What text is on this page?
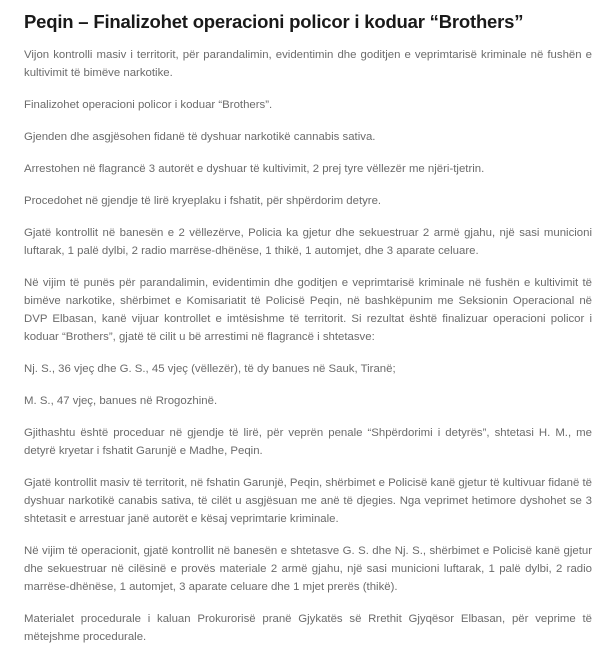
Peqin – Finalizohet operacioni policor i koduar “Brothers”

Vijon kontrolli masiv i territorit, për parandalimin, evidentimin dhe goditjen e veprimtarisë kriminale në fushën e kultivimit të bimëve narkotike.

Finalizohet operacioni policor i koduar “Brothers”.

Gjenden dhe asgjësohen fidanë të dyshuar narkotikë cannabis sativa.

Arrestohen në flagrancë 3 autorët e dyshuar të kultivimit, 2 prej tyre vëllezër me njëri-tjetrin.

Procedohet në gjendje të lirë kryeplaku i fshatit, për shpërdorim detyre.

Gjatë kontrollit në banesën e 2 vëllezërve, Policia ka gjetur dhe sekuestruar 2 armë gjahu, një sasi municioni luftarak, 1 palë dylbi, 2 radio marrëse-dhënëse, 1 thikë, 1 automjet, dhe 3 aparate celuare.

Në vijim të punës për parandalimin, evidentimin dhe goditjen e veprimtarisë kriminale në fushën e kultivimit të bimëve narkotike, shërbimet e Komisariatit të Policisë Peqin, në bashkëpunim me Seksionin Operacional në DVP Elbasan, kanë vijuar kontrollet e imtësishme të territorit. Si rezultat është finalizuar operacioni policor i koduar “Brothers”, gjatë të cilit u bë arrestimi në flagrancë i shtetasve:

Nj. S., 36 vjeç dhe G. S., 45 vjeç (vëllezër), të dy banues në Sauk, Tiranë;

M. S., 47 vjeç, banues në Rrogozhinë.

Gjithashtu është proceduar në gjendje të lirë, për veprën penale “Shpërdorimi i detyrës”, shtetasi H. M., me detyrë kryetar i fshatit Garunjë e Madhe, Peqin.

Gjatë kontrollit masiv të territorit, në fshatin Garunjë, Peqin, shërbimet e Policisë kanë gjetur të kultivuar fidanë të dyshuar narkotikë canabis sativa, të cilët u asgjësuan me anë të djegies. Nga veprimet hetimore dyshohet se 3 shtetasit e arrestuar janë autorët e kësaj veprimtarie kriminale.

Në vijim të operacionit, gjatë kontrollit në banesën e shtetasve G. S. dhe Nj. S., shërbimet e Policisë kanë gjetur dhe sekuestruar në cilësinë e provës materiale 2 armë gjahu, një sasi municioni luftarak, 1 palë dylbi, 2 radio marrëse-dhënëse, 1 automjet, 3 aparate celuare dhe 1 mjet prerës (thikë).

Materialet procedurale i kaluan Prokurorisë pranë Gjykatës së Rrethit Gjyqësor Elbasan, për veprime të mëtejshme procedurale.
